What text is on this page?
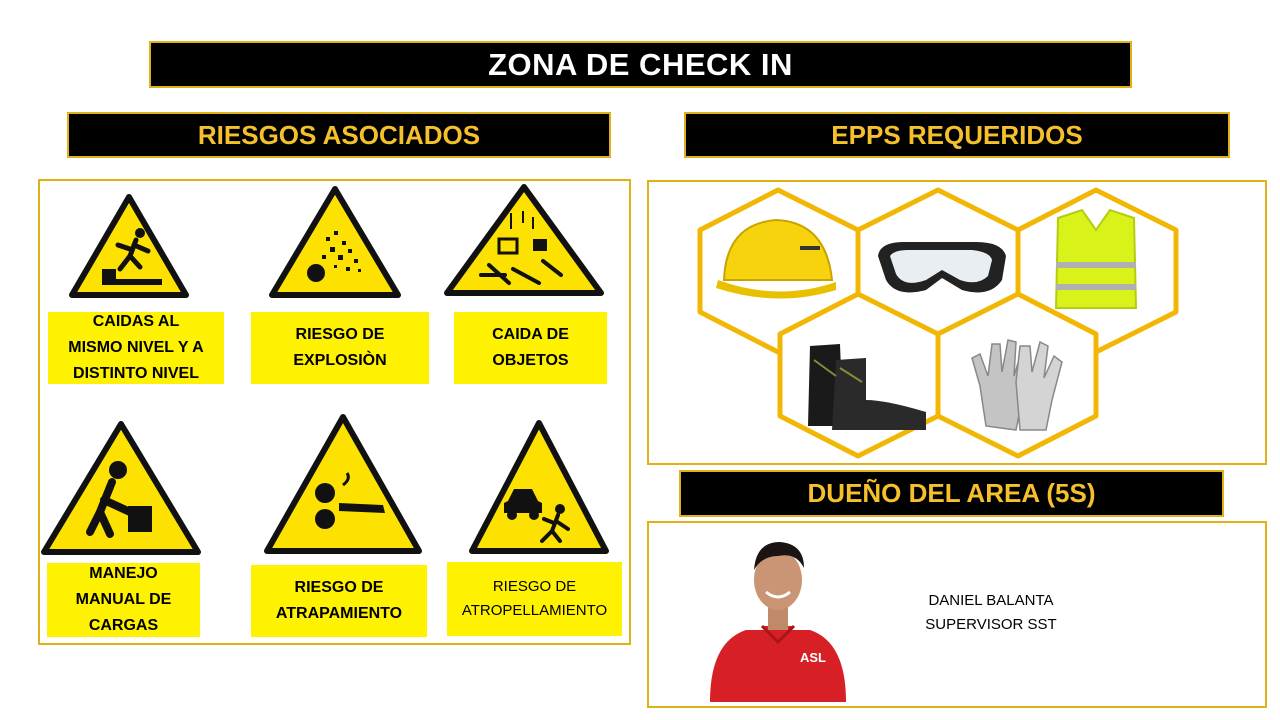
ZONA DE CHECK IN
RIESGOS ASOCIADOS
CAIDAS AL
MISMO NIVEL Y A
DISTINTO NIVEL
RIESGO DE
EXPLOSIÒN
CAIDA DE
OBJETOS
MANEJO
MANUAL DE
CARGAS
RIESGO DE
ATRAPAMIENTO
RIESGO DE
ATROPELLAMIENTO
EPPS REQUERIDOS
DUEÑO DEL AREA (5S)
ASL
DANIEL BALANTA
SUPERVISOR SST
